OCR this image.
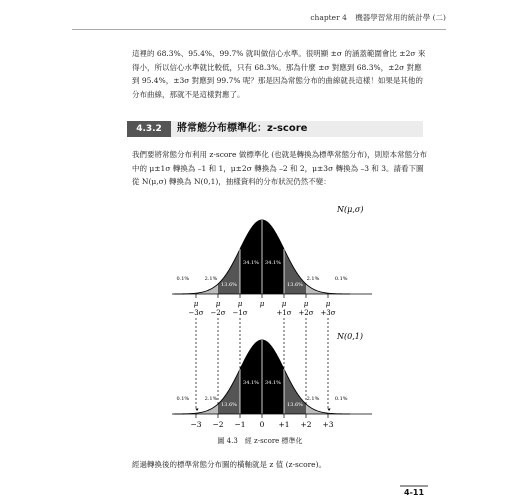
chapter 4 機器學習常用的統計學 (二)
這裡的 68.3%、95.4%、99.7% 就叫做信心水準。很明顯 ±σ 的涵蓋範圍會比 ±2σ 來得小，所以信心水準就比較低，只有 68.3%。那為什麼 ±σ 對應到 68.3%，±2σ 對應到 95.4%，±3σ 對應到 99.7% 呢？那是因為常態分布的曲線就長這樣！如果是其他的分布曲線，那就不是這樣對應了。
4.3.2	將常態分布標準化：z-score
我們要將常態分布利用 z-score 做標準化 (也就是轉換為標準常態分布)，則原本常態分布中的 μ±1σ 轉換為 –1 和 1，μ±2σ 轉換為 –2 和 2，μ±3σ 轉換為 –3 和 3。請看下圖從 N(μ,σ) 轉換為 N(0,1)，抽樣資料的分布狀況仍然不變：
N(μ,σ)
μ
−3σ
μ
−2σ
μ
−1σ
μ μ
+1σ
μ
+2σ
μ
+3σ
34.1% 34.1%
13.6%	13.6%
2.1%	2.1%
0.1%	0.1%
N(0,1)
−3 −2 −1 0 +1 +2 +3
34.1% 34.1%
13.6%	13.6%
2.1%	2.1%
0.1%	0.1%
圖 4.3　經 z-score 標準化
經過轉換後的標準常態分布圖的橫軸就是 z 值 (z-score)。
4-11
